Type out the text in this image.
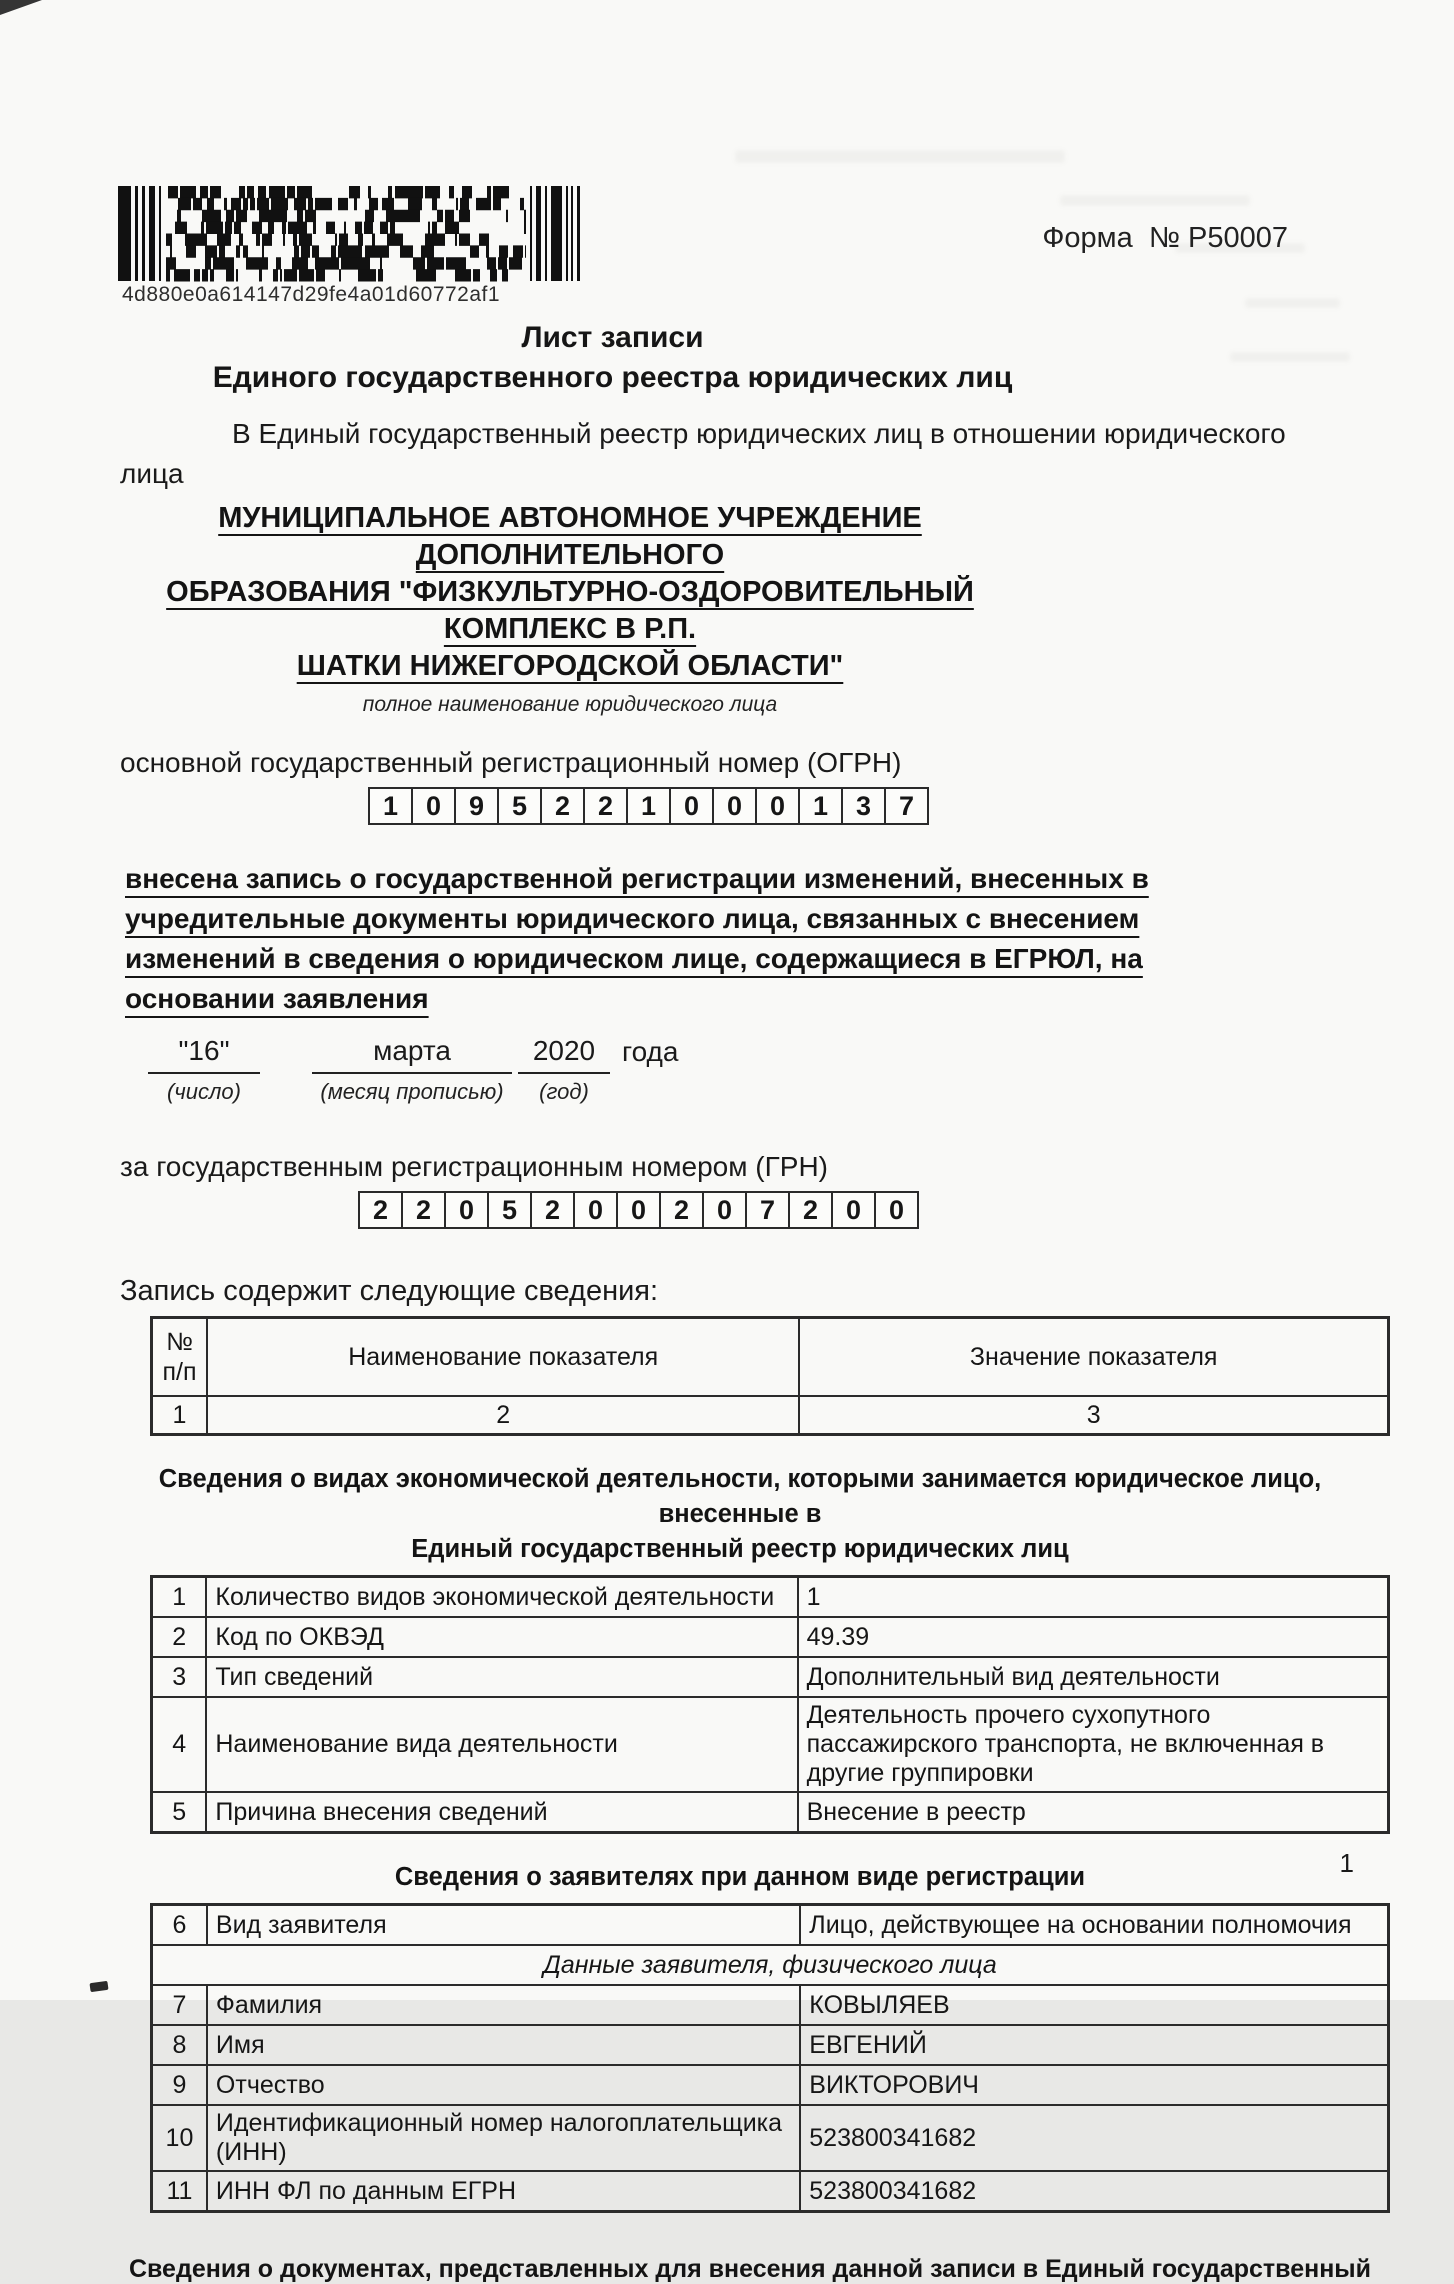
4d880e0a614147d29fe4a01d60772af1
Форма  № Р50007
Лист записи
Единого государственного реестра юридических лиц
В Единый государственный реестр юридических лиц в отношении юридического
лица
МУНИЦИПАЛЬНОЕ АВТОНОМНОЕ УЧРЕЖДЕНИЕ ДОПОЛНИТЕЛЬНОГО
ОБРАЗОВАНИЯ "ФИЗКУЛЬТУРНО-ОЗДОРОВИТЕЛЬНЫЙ КОМПЛЕКС В Р.П.
ШАТКИ НИЖЕГОРОДСКОЙ ОБЛАСТИ"
полное наименование юридического лица
основной государственный регистрационный номер (ОГРН)
1	0	9	5	2	2	1	0	0	0	1	3	7
внесена запись о государственной регистрации изменений, внесенных в
учредительные документы юридического лица, связанных с внесением
изменений в сведения о юридическом лице, содержащиеся в ЕГРЮЛ, на
основании заявления
"16"
(число)
марта
(месяц прописью)
2020
(год)
года
за государственным регистрационным номером (ГРН)
2	2	0	5	2	0	0	2	0	7	2	0	0
Запись содержит следующие сведения:
№
п/п	Наименование показателя	Значение показателя
1	2	3
Сведения о видах экономической деятельности, которыми занимается юридическое лицо, внесенные в
Единый государственный реестр юридических лиц
1	Количество видов экономической деятельности	1
2	Код по ОКВЭД	49.39
3	Тип сведений	Дополнительный вид деятельности
4	Наименование вида деятельности	Деятельность прочего сухопутного пассажирского транспорта, не включенная в другие группировки
5	Причина внесения сведений	Внесение в реестр
Сведения о заявителях при данном виде регистрации
6	Вид заявителя	Лицо, действующее на основании полномочия
Данные заявителя, физического лица		
7	Фамилия	КОВЫЛЯЕВ
8	Имя	ЕВГЕНИЙ
9	Отчество	ВИКТОРОВИЧ
10	Идентификационный номер налогоплательщика (ИНН)	523800341682
11	ИНН ФЛ по данным ЕГРН	523800341682
Сведения о документах, представленных для внесения данной записи в Единый государственный
1
